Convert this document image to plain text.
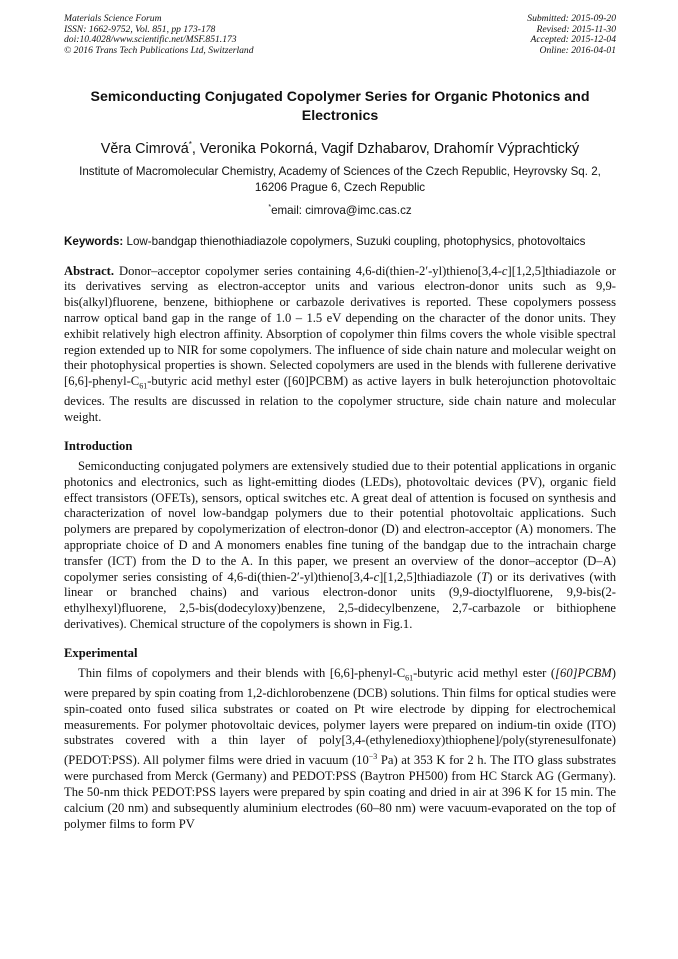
Materials Science Forum
ISSN: 1662-9752, Vol. 851, pp 173-178
doi:10.4028/www.scientific.net/MSF.851.173
© 2016 Trans Tech Publications Ltd, Switzerland
Submitted: 2015-09-20
Revised: 2015-11-30
Accepted: 2015-12-04
Online: 2016-04-01
Semiconducting Conjugated Copolymer Series for Organic Photonics and Electronics
Věra Cimrová*, Veronika Pokorná, Vagif Dzhabarov, Drahomír Výprachtický
Institute of Macromolecular Chemistry, Academy of Sciences of the Czech Republic, Heyrovsky Sq. 2, 16206 Prague 6, Czech Republic
*email: cimrova@imc.cas.cz
Keywords: Low-bandgap thienothiadiazole copolymers, Suzuki coupling, photophysics, photovoltaics

Abstract. Donor–acceptor copolymer series containing 4,6-di(thien-2′-yl)thieno[3,4-c][1,2,5]thiadiazole or its derivatives serving as electron-acceptor units and various electron-donor units such as 9,9-bis(alkyl)fluorene, benzene, bithiophene or carbazole derivatives is reported. These copolymers possess narrow optical band gap in the range of 1.0 – 1.5 eV depending on the character of the donor units. They exhibit relatively high electron affinity. Absorption of copolymer thin films covers the whole visible spectral region extended up to NIR for some copolymers. The influence of side chain nature and molecular weight on their photophysical properties is shown. Selected copolymers are used in the blends with fullerene derivative $[6,6]-phenyl-C_{61}$-butyric acid methyl ester ([60]PCBM) as active layers in bulk heterojunction photovoltaic devices. The results are discussed in relation to the copolymer structure, side chain nature and molecular weight.

Introduction

Semiconducting conjugated polymers are extensively studied due to their potential applications in organic photonics and electronics, such as light-emitting diodes (LEDs), photovoltaic devices (PV), organic field effect transistors (OFETs), sensors, optical switches etc. A great deal of attention is focused on synthesis and characterization of novel low-bandgap polymers due to their potential photovoltaic applications. Such polymers are prepared by copolymerization of electron-donor (D) and electron-acceptor (A) monomers. The appropriate choice of D and A monomers enables fine tuning of the bandgap due to the intrachain charge transfer (ICT) from the D to the A. In this paper, we present an overview of the donor–acceptor (D–A) copolymer series consisting of 4,6-di(thien-2′-yl)thieno[3,4-c][1,2,5]thiadiazole (T) or its derivatives (with linear or branched chains) and various electron-donor units (9,9-dioctylfluorene, 9,9-bis(2-ethylhexyl)fluorene, 2,5-bis(dodecyloxy)benzene, 2,5-didecylbenzene, 2,7-carbazole or bithiophene derivatives). Chemical structure of the copolymers is shown in Fig.1.

Experimental

Thin films of copolymers and their blends with $[6,6]-phenyl-C_{61}$-butyric acid methyl ester ([60]PCBM) were prepared by spin coating from 1,2-dichlorobenzene (DCB) solutions. Thin films for optical studies were spin-coated onto fused silica substrates or coated on Pt wire electrode by dipping for electrochemical measurements. For polymer photovoltaic devices, polymer layers were prepared on indium-tin oxide (ITO) substrates covered with a thin layer of poly[3,4-(ethylenedioxy)thiophene]/poly(styrenesulfonate) (PEDOT:PSS). All polymer films were dried in vacuum ($10^{-3}$ Pa) at 353 K for 2 h. The ITO glass substrates were purchased from Merck (Germany) and PEDOT:PSS (Baytron PH500) from HC Starck AG (Germany). The 50-nm thick PEDOT:PSS layers were prepared by spin coating and dried in air at 396 K for 15 min. The calcium (20 nm) and subsequently aluminium electrodes (60–80 nm) were vacuum-evaporated on the top of polymer films to form PV
